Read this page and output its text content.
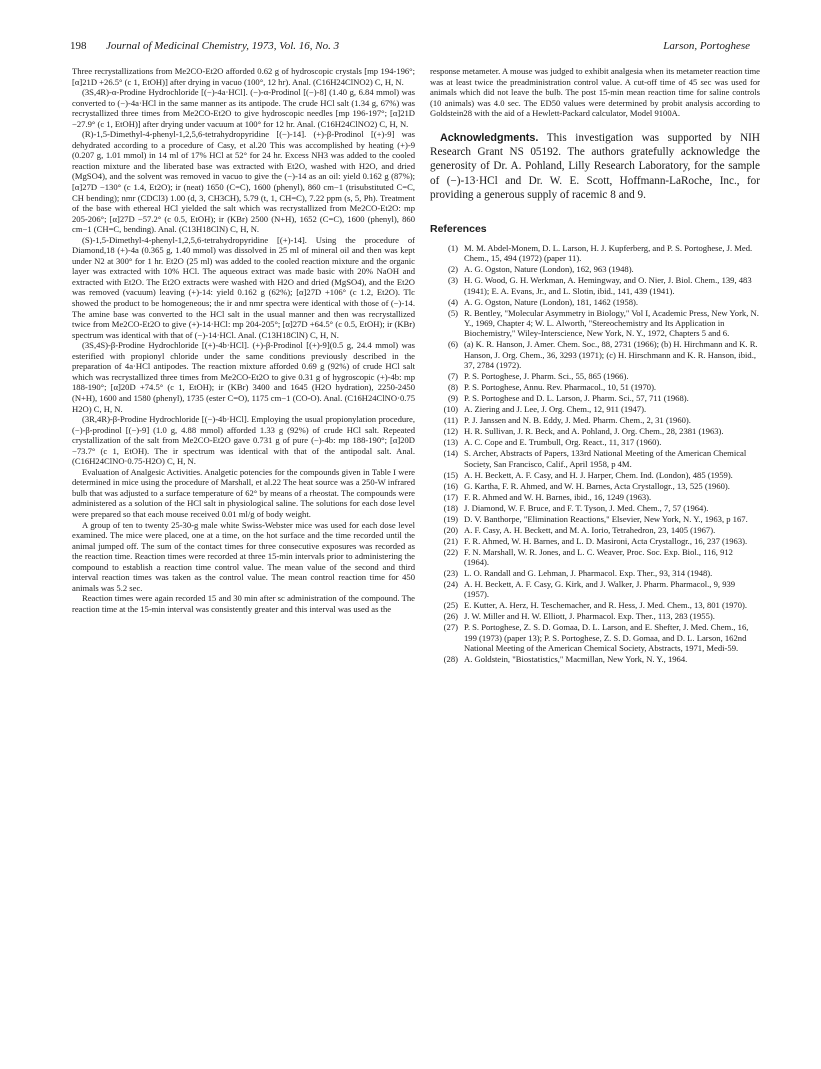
198 Journal of Medicinal Chemistry, 1973, Vol. 16, No. 3	Larson, Portoghese

Three recrystallizations from Me2CO-Et2O afforded 0.62 g of hydroscopic crystals [mp 194-196°; [α]21D +26.5° (c 1, EtOH)] after drying in vacuo (100°, 12 hr). Anal. (C16H24ClNO2) C, H, N.

(3S,4R)-α-Prodine Hydrochloride [(−)-4a·HCl]. (−)-α-Prodinol [(−)-8] (1.40 g, 6.84 mmol) was converted to (−)-4a·HCl in the same manner as its antipode. The crude HCl salt (1.34 g, 67%) was recrystallized three times from Me2CO-Et2O to give hydroscopic needles [mp 196-197°; [α]21D −27.9° (c 1, EtOH)] after drying under vacuum at 100° for 12 hr. Anal. (C16H24ClNO2) C, H, N.

(R)-1,5-Dimethyl-4-phenyl-1,2,5,6-tetrahydropyridine [(−)-14]. (+)-β-Prodinol [(+)-9] was dehydrated according to a procedure of Casy, et al.20 This was accomplished by heating (+)-9 (0.207 g, 1.01 mmol) in 14 ml of 17% HCl at 52° for 24 hr. Excess NH3 was added to the cooled reaction mixture and the liberated base was extracted with Et2O, washed with H2O, and dried (MgSO4), and the solvent was removed in vacuo to give the (−)-14 as an oil: yield 0.162 g (87%); [α]27D −130° (c 1.4, Et2O); ir (neat) 1650 (C=C), 1600 (phenyl), 860 cm−1 (trisubstituted C=C, CH bending); nmr (CDCl3) 1.00 (d, 3, CH3CH), 5.79 (t, 1, CH=C), 7.22 ppm (s, 5, Ph). Treatment of the base with ethereal HCl yielded the salt which was recrystallized from Me2CO-Et2O: mp 205-206°; [α]27D −57.2° (c 0.5, EtOH); ir (KBr) 2500 (N+H), 1652 (C=C), 1600 (phenyl), 860 cm−1 (CH=C, bending). Anal. (C13H18ClN) C, H, N.

(S)-1,5-Dimethyl-4-phenyl-1,2,5,6-tetrahydropyridine [(+)-14]. Using the procedure of Diamond,18 (+)-4a (0.365 g, 1.40 mmol) was dissolved in 25 ml of mineral oil and then was kept under N2 at 300° for 1 hr. Et2O (25 ml) was added to the cooled reaction mixture and the organic layer was extracted with 10% HCl. The aqueous extract was made basic with 20% NaOH and extracted with Et2O. The Et2O extracts were washed with H2O and dried (MgSO4), and the Et2O was removed (vacuum) leaving (+)-14: yield 0.162 g (62%); [α]27D +106° (c 1.2, Et2O). Tlc showed the product to be homogeneous; the ir and nmr spectra were identical with those of (−)-14. The amine base was converted to the HCl salt in the usual manner and then was recrystallized twice from Me2CO-Et2O to give (+)-14·HCl: mp 204-205°; [α]27D +64.5° (c 0.5, EtOH); ir (KBr) spectrum was identical with that of (−)-14·HCl. Anal. (C13H18ClN) C, H, N.

(3S,4S)-β-Prodine Hydrochloride [(+)-4b·HCl]. (+)-β-Prodinol [(+)-9](0.5 g, 24.4 mmol) was esterified with propionyl chloride under the same conditions previously described in the preparation of 4a·HCl antipodes. The reaction mixture afforded 0.69 g (92%) of crude HCl salt which was recrystallized three times from Me2CO-Et2O to give 0.31 g of hygroscopic (+)-4b: mp 188-190°; [α]20D +74.5° (c 1, EtOH); ir (KBr) 3400 and 1645 (H2O hydration), 2250-2450 (N+H), 1600 and 1580 (phenyl), 1735 (ester C=O), 1175 cm−1 (CO-O). Anal. (C16H24ClNO·0.75 H2O) C, H, N.

(3R,4R)-β-Prodine Hydrochloride [(−)-4b·HCl]. Employing the usual propionylation procedure, (−)-β-prodinol [(−)-9] (1.0 g, 4.88 mmol) afforded 1.33 g (92%) of crude HCl salt. Repeated crystallization of the salt from Me2CO-Et2O gave 0.731 g of pure (−)-4b: mp 188-190°; [α]20D −73.7° (c 1, EtOH). The ir spectrum was identical with that of the antipodal salt. Anal. (C16H24ClNO·0.75-H2O) C, H, N.

Evaluation of Analgesic Activities. Analgetic potencies for the compounds given in Table I were determined in mice using the procedure of Marshall, et al.22 The heat source was a 250-W infrared bulb that was adjusted to a surface temperature of 62° by means of a rheostat. The compounds were administered as a solution of the HCl salt in physiological saline. The solutions for each dose level were prepared so that each mouse received 0.01 ml/g of body weight.

A group of ten to twenty 25-30-g male white Swiss-Webster mice was used for each dose level examined. The mice were placed, one at a time, on the hot surface and the time recorded until the animal jumped off. The sum of the contact times for three consecutive exposures was recorded as the reaction time. Reaction times were recorded at three 15-min intervals prior to administering the compound to establish a reaction time control value. The mean value of the second and third interval reaction times was taken as the control value. The mean control reaction time for 450 animals was 5.2 sec.

Reaction times were again recorded 15 and 30 min after sc administration of the compound. The reaction time at the 15-min interval was consistently greater and this interval was used as the

response metameter. A mouse was judged to exhibit analgesia when its metameter reaction time was at least twice the preadministration control value. A cut-off time of 45 sec was used for animals which did not leave the bulb. The post 15-min mean reaction time for saline controls (10 animals) was 4.0 sec. The ED50 values were determined by probit analysis according to Goldstein28 with the aid of a Hewlett-Packard calculator, Model 9100A.

Acknowledgments. This investigation was supported by NIH Research Grant NS 05192. The authors gratefully acknowledge the generosity of Dr. A. Pohland, Lilly Research Laboratory, for the sample of (−)-13·HCl and Dr. W. E. Scott, Hoffmann-LaRoche, Inc., for providing a generous supply of racemic 8 and 9.
References
(1) M. M. Abdel-Monem, D. L. Larson, H. J. Kupferberg, and P. S. Portoghese, J. Med. Chem., 15, 494 (1972) (paper 11).
(2) A. G. Ogston, Nature (London), 162, 963 (1948).
(3) H. G. Wood, G. H. Werkman, A. Hemingway, and O. Nier, J. Biol. Chem., 139, 483 (1941); E. A. Evans, Jr., and L. Slotin, ibid., 141, 439 (1941).
(4) A. G. Ogston, Nature (London), 181, 1462 (1958).
(5) R. Bentley, "Molecular Asymmetry in Biology," Vol I, Academic Press, New York, N. Y., 1969, Chapter 4; W. L. Alworth, "Stereochemistry and Its Application in Biochemistry," Wiley-Interscience, New York, N. Y., 1972, Chapters 5 and 6.
(6) (a) K. R. Hanson, J. Amer. Chem. Soc., 88, 2731 (1966); (b) H. Hirchmann and K. R. Hanson, J. Org. Chem., 36, 3293 (1971); (c) H. Hirschmann and K. R. Hanson, ibid., 37, 2784 (1972).
(7) P. S. Portoghese, J. Pharm. Sci., 55, 865 (1966).
(8) P. S. Portoghese, Annu. Rev. Pharmacol., 10, 51 (1970).
(9) P. S. Portoghese and D. L. Larson, J. Pharm. Sci., 57, 711 (1968).
(10) A. Ziering and J. Lee, J. Org. Chem., 12, 911 (1947).
(11) P. J. Janssen and N. B. Eddy, J. Med. Pharm. Chem., 2, 31 (1960).
(12) H. R. Sullivan, J. R. Beck, and A. Pohland, J. Org. Chem., 28, 2381 (1963).
(13) A. C. Cope and E. Trumbull, Org. React., 11, 317 (1960).
(14) S. Archer, Abstracts of Papers, 133rd National Meeting of the American Chemical Society, San Francisco, Calif., April 1958, p 4M.
(15) A. H. Beckett, A. F. Casy, and H. J. Harper, Chem. Ind. (London), 485 (1959).
(16) G. Kartha, F. R. Ahmed, and W. H. Barnes, Acta Crystallogr., 13, 525 (1960).
(17) F. R. Ahmed and W. H. Barnes, ibid., 16, 1249 (1963).
(18) J. Diamond, W. F. Bruce, and F. T. Tyson, J. Med. Chem., 7, 57 (1964).
(19) D. V. Banthorpe, "Elimination Reactions," Elsevier, New York, N. Y., 1963, p 167.
(20) A. F. Casy, A. H. Beckett, and M. A. Iorio, Tetrahedron, 23, 1405 (1967).
(21) F. R. Ahmed, W. H. Barnes, and L. D. Masironi, Acta Crystallogr., 16, 237 (1963).
(22) F. N. Marshall, W. R. Jones, and L. C. Weaver, Proc. Soc. Exp. Biol., 116, 912 (1964).
(23) L. O. Randall and G. Lehman, J. Pharmacol. Exp. Ther., 93, 314 (1948).
(24) A. H. Beckett, A. F. Casy, G. Kirk, and J. Walker, J. Pharm. Pharmacol., 9, 939 (1957).
(25) E. Kutter, A. Herz, H. Teschemacher, and R. Hess, J. Med. Chem., 13, 801 (1970).
(26) J. W. Miller and H. W. Elliott, J. Pharmacol. Exp. Ther., 113, 283 (1955).
(27) P. S. Portoghese, Z. S. D. Gomaa, D. L. Larson, and E. Shefter, J. Med. Chem., 16, 199 (1973) (paper 13); P. S. Portoghese, Z. S. D. Gomaa, and D. L. Larson, 162nd National Meeting of the American Chemical Society, Abstracts, 1971, Medi-59.
(28) A. Goldstein, "Biostatistics," Macmillan, New York, N. Y., 1964.
